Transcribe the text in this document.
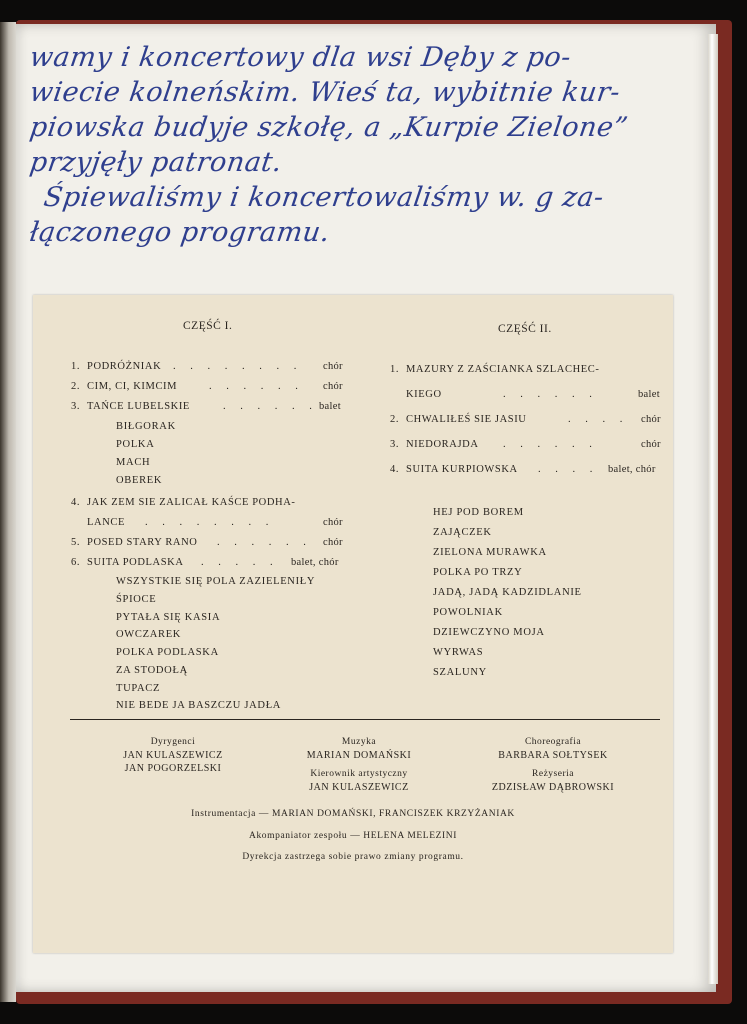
wamy i koncertowy dla wsi Dęby z po-
wiecie kolneńskim. Wieś ta, wybitnie kur-
piowska budyje szkołę, a „Kurpie Zielone”
przyjęły patronat.
Śpiewaliśmy i koncertowaliśmy w. g za-
łączonego programu.
CZĘŚĆ I.
1. PODRÓŻNIAK . . . . . . . . chór
2. CIM, CI, KIMCIM	. . . . . . chór
3. TAŃCE LUBELSKIE	. . . . . . balet
BIŁGORAK
POLKA
MACH
OBEREK
4. JAK ZEM SIE ZALICAŁ KAŚCE PODHA-
LANCE . . . . . . . .	chór
5. POSED STARY RANO . . . . . . chór
6. SUITA PODLASKA . . . . . balet, chór
WSZYSTKIE SIĘ POLA ZAZIELENIŁY
ŚPIOCE
PYTAŁA SIĘ KASIA
OWCZAREK
POLKA PODLASKA
ZA STODOŁĄ
TUPACZ
NIE BEDE JA BASZCZU JADŁA
CZĘŚĆ II.
1. MAZURY Z ZAŚCIANKA SZLACHEC-
KIEGO	. . . . . .	balet
2. CHWALIŁEŚ SIE JASIU	. . . . chór
3. NIEDORAJDA . . . . . .	chór
4. SUITA KURPIOWSKA . . . . balet, chór
HEJ POD BOREM
ZAJĄCZEK
ZIELONA MURAWKA
POLKA PO TRZY
JADĄ, JADĄ KADZIDLANIE
POWOLNIAK
DZIEWCZYNO MOJA
WYRWAS
SZALUNY
Dyrygenci
JAN KULASZEWICZ
JAN POGORZELSKI
Muzyka
MARIAN DOMAŃSKI
Kierownik artystyczny
JAN KULASZEWICZ
Choreografia
BARBARA SOŁTYSEK
Reżyseria
ZDZISŁAW DĄBROWSKI
Instrumentacja — MARIAN DOMAŃSKI, FRANCISZEK KRZYŻANIAK
Akompaniator zespołu — HELENA MELEZINI
Dyrekcja zastrzega sobie prawo zmiany programu.
